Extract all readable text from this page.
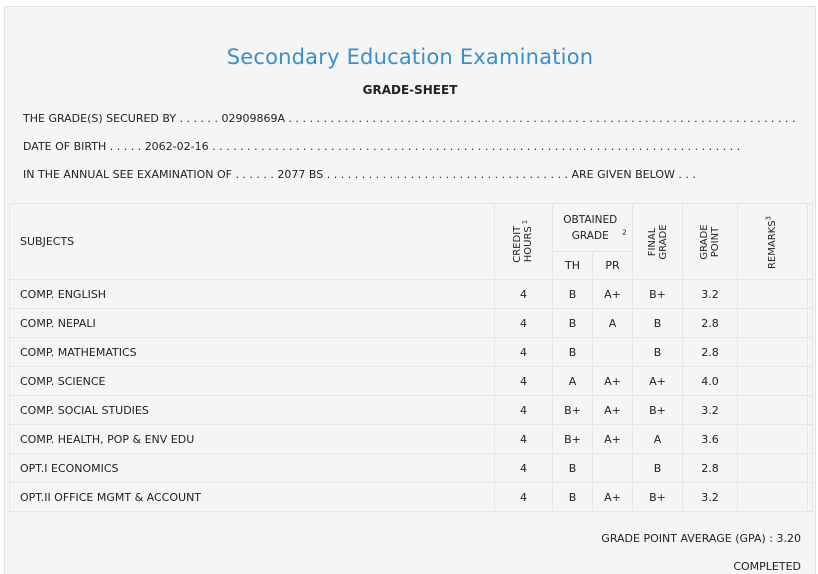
Secondary Education Examination
GRADE-SHEET
THE GRADE(S) SECURED BY . . . . . . 02909869A . . . . . . . . . . . . . . . . . . . . . . . . . . . . . . . . . . . . . . . . . . . . . . . . . . . . . . . . . . . . . . . . . . . . . . . . .
DATE OF BIRTH . . . . . 2062-02-16 . . . . . . . . . . . . . . . . . . . . . . . . . . . . . . . . . . . . . . . . . . . . . . . . . . . . . . . . . . . . . . . . . . . . . . . . . . . .
IN THE ANNUAL SEE EXAMINATION OF . . . . . . 2077 BS . . . . . . . . . . . . . . . . . . . . . . . . . . . . . . . . . . . ARE GIVEN BELOW . . .
SUBJECTS	CREDIT HOURS$^1$	OBTAINED GRADE $^2$		FINAL GRADE	GRADE POINT	REMARKS$^3$	
		TH	PR				
COMP. ENGLISH	4	B	A+	B+	3.2		
COMP. NEPALI	4	B	A	B	2.8		
COMP. MATHEMATICS	4	B		B	2.8		
COMP. SCIENCE	4	A	A+	A+	4.0		
COMP. SOCIAL STUDIES	4	B+	A+	B+	3.2		
COMP. HEALTH, POP & ENV EDU	4	B+	A+	A	3.6		
OPT.I ECONOMICS	4	B		B	2.8		
OPT.II OFFICE MGMT & ACCOUNT	4	B	A+	B+	3.2		
GRADE POINT AVERAGE (GPA) : 3.20
COMPLETED
